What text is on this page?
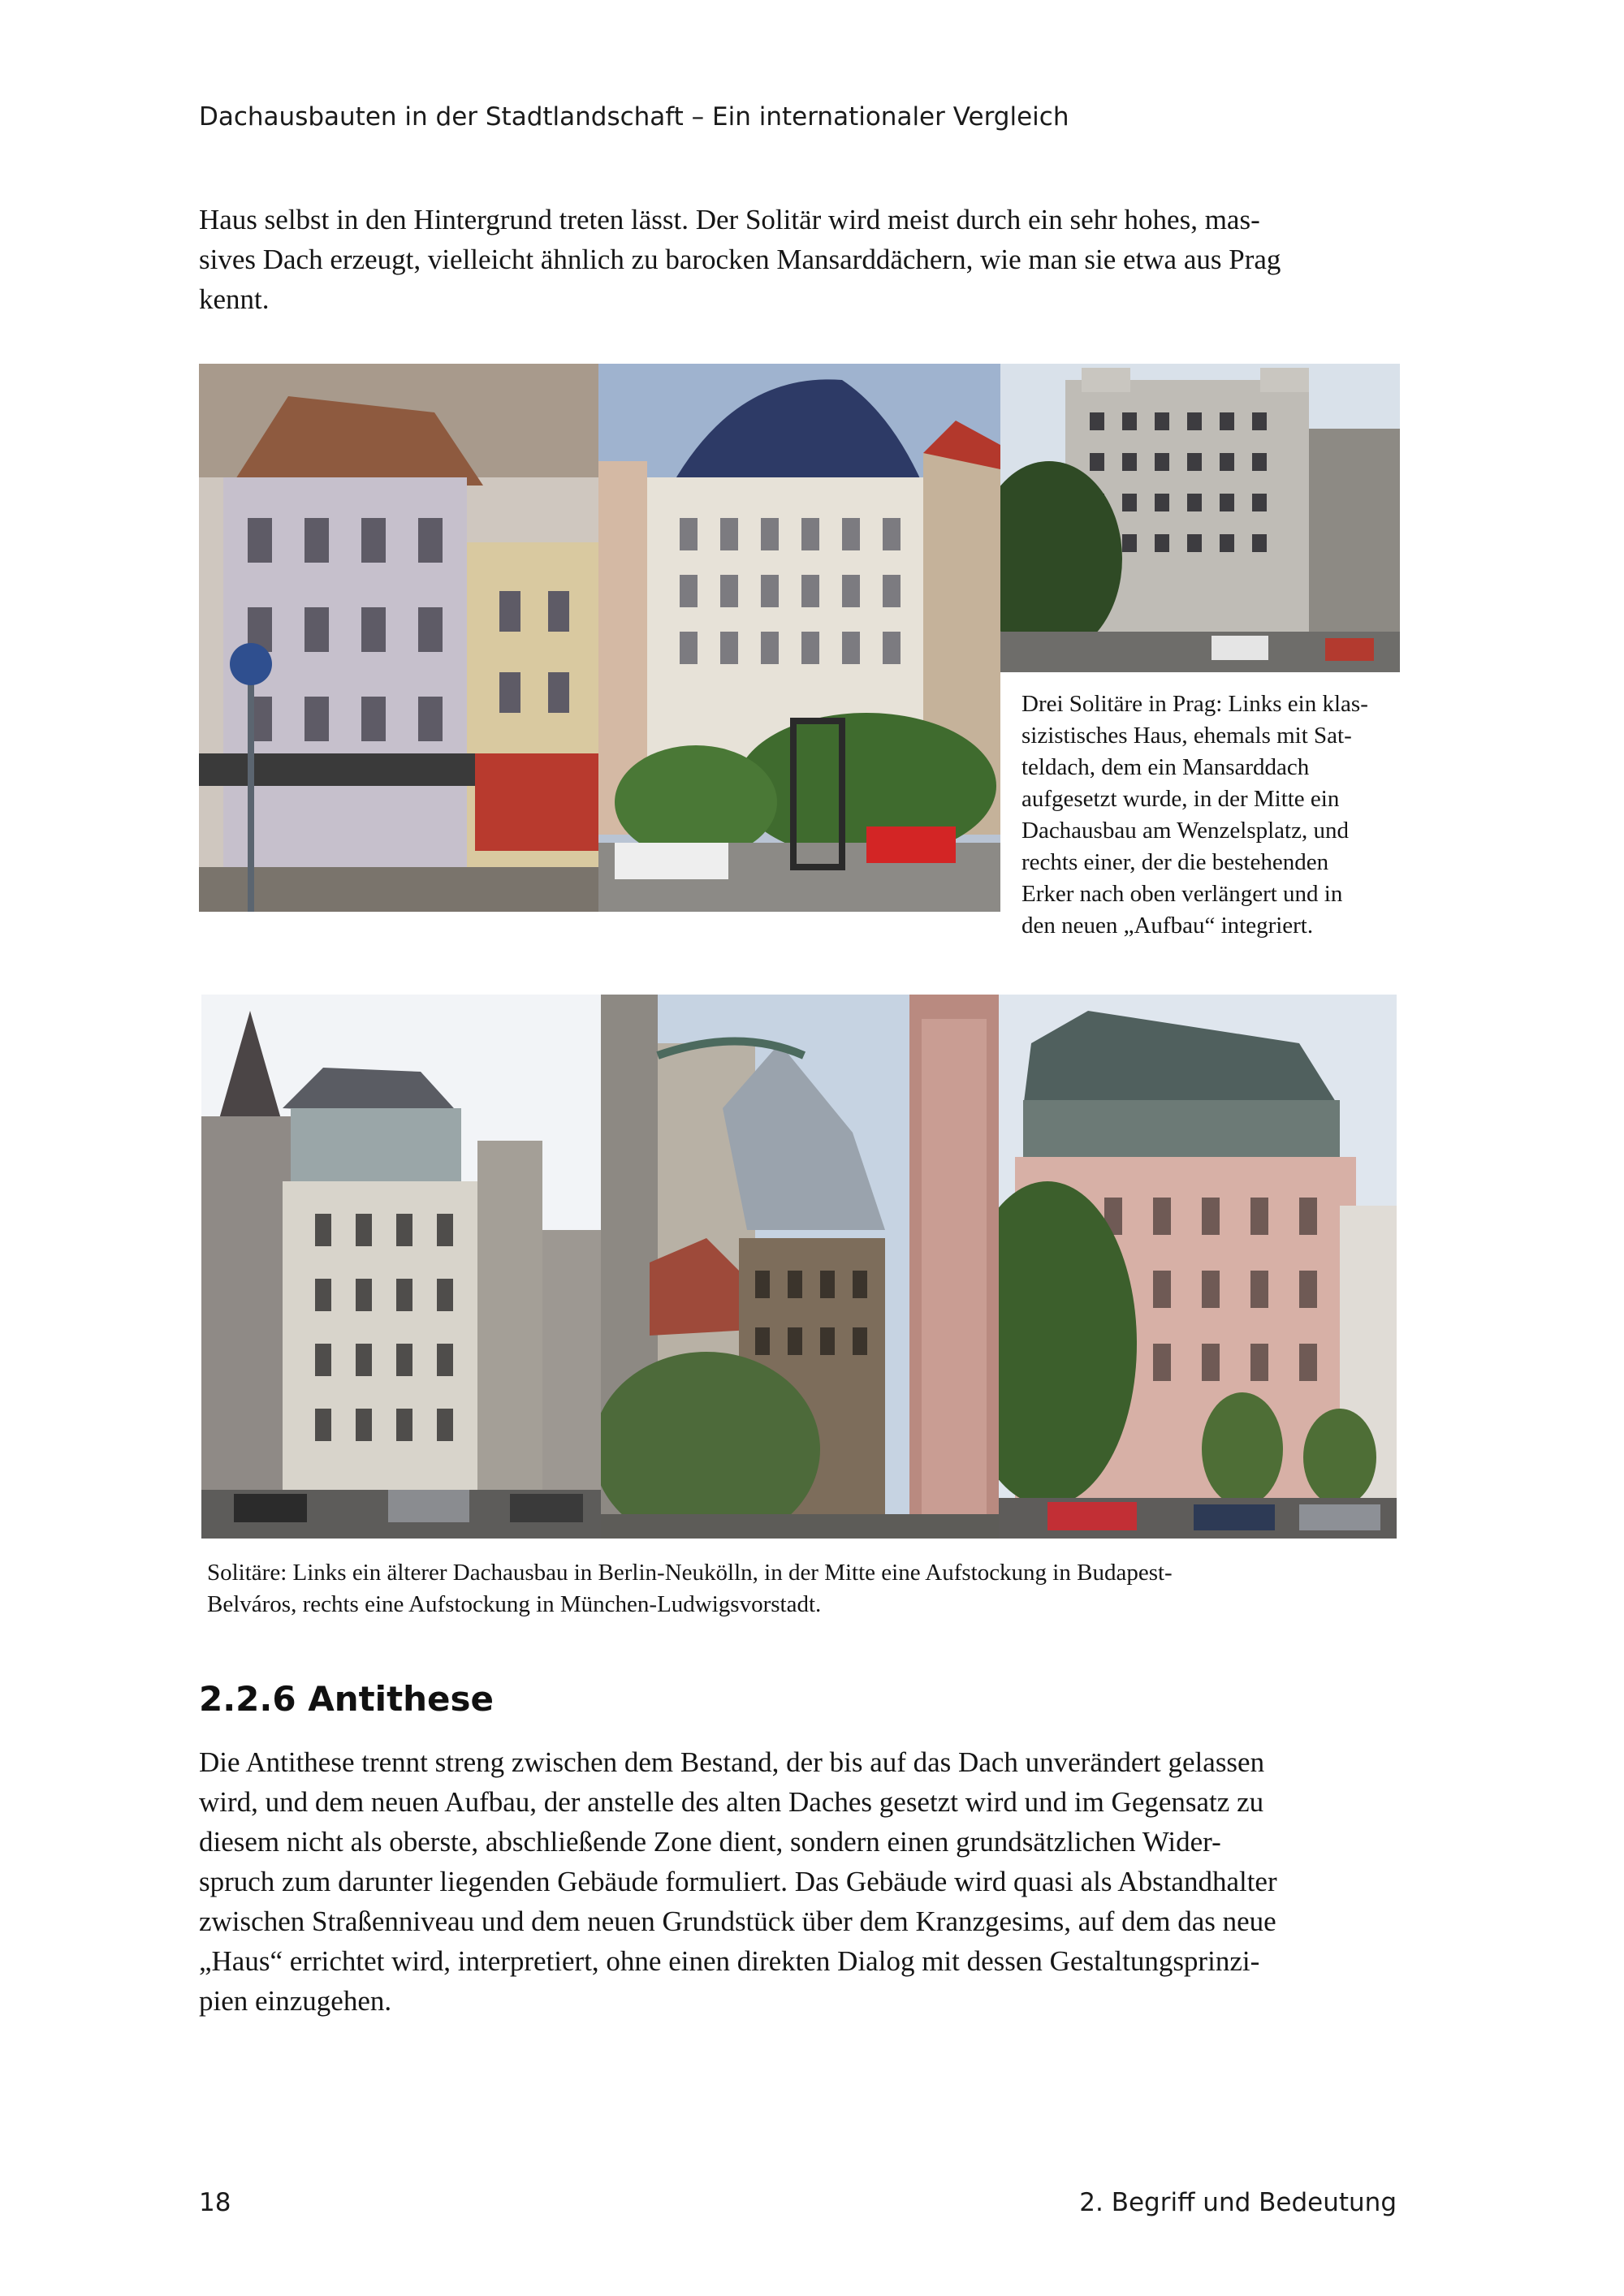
Dachausbauten in der Stadtlandschaft – Ein internationaler Vergleich

Haus selbst in den Hintergrund treten lässt. Der Solitär wird meist durch ein sehr hohes, mas-
sives Dach erzeugt, vielleicht ähnlich zu barocken Mansarddächern, wie man sie etwa aus Prag
kennt.

Drei Solitäre in Prag: Links ein klas-
sizistisches Haus, ehemals mit Sat-
teldach, dem ein Mansarddach
aufgesetzt wurde, in der Mitte ein
Dachausbau am Wenzelsplatz, und
rechts einer, der die bestehenden
Erker nach oben verlängert und in
den neuen „Aufbau“ integriert.
Solitäre: Links ein älterer Dachausbau in Berlin-Neukölln, in der Mitte eine Aufstockung in Budapest-
Belváros, rechts eine Aufstockung in München-Ludwigsvorstadt.
2.2.6 Antithese

Die Antithese trennt streng zwischen dem Bestand, der bis auf das Dach unverändert gelassen
wird, und dem neuen Aufbau, der anstelle des alten Daches gesetzt wird und im Gegensatz zu
diesem nicht als oberste, abschließende Zone dient, sondern einen grundsätzlichen Wider-
spruch zum darunter liegenden Gebäude formuliert. Das Gebäude wird quasi als Abstandhalter
zwischen Straßenniveau und dem neuen Grundstück über dem Kranzgesims, auf dem das neue
„Haus“ errichtet wird, interpretiert, ohne einen direkten Dialog mit dessen Gestaltungsprinzi-
pien einzugehen.

18	2. Begriff und Bedeutung
